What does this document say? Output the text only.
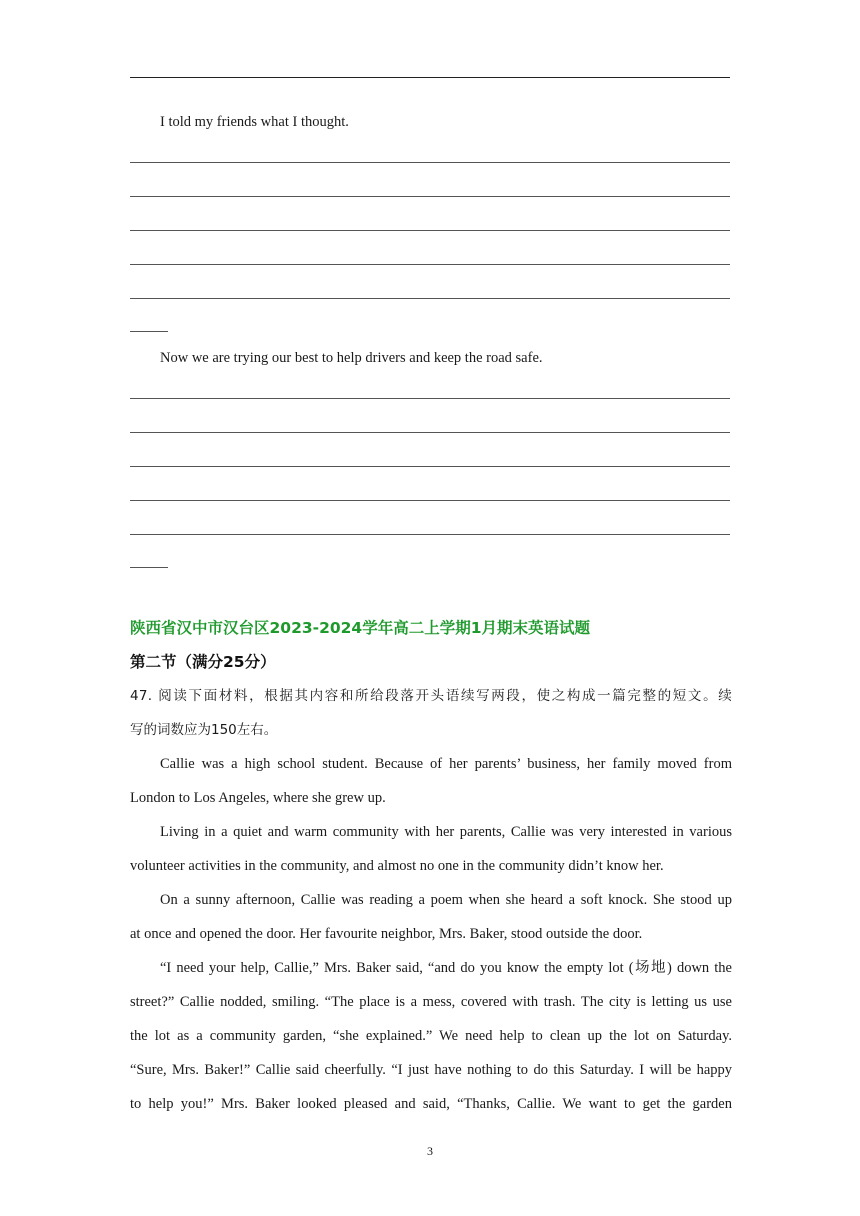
I told my friends what I thought.
Now we are trying our best to help drivers and keep the road safe.
陕西省汉中市汉台区2023-2024学年高二上学期1月期末英语试题
第二节（满分25分）
47. 阅读下面材料，根据其内容和所给段落开头语续写两段，使之构成一篇完整的短文。续
写的词数应为150左右。
Callie was a high school student. Because of her parents’ business, her family moved from
London to Los Angeles, where she grew up.
Living in a quiet and warm community with her parents, Callie was very interested in various
volunteer activities in the community, and almost no one in the community didn’t know her.
On a sunny afternoon, Callie was reading a poem when she heard a soft knock. She stood up
at once and opened the door. Her favourite neighbor, Mrs. Baker, stood outside the door.
“I need your help, Callie,” Mrs. Baker said, “and do you know the empty lot (场地) down the
street?” Callie nodded, smiling. “The place is a mess, covered with trash. The city is letting us use
the lot as a community garden, “she explained.” We need help to clean up the lot on Saturday.
“Sure, Mrs. Baker!” Callie said cheerfully. “I just have nothing to do this Saturday. I will be happy
to help you!” Mrs. Baker looked pleased and said, “Thanks, Callie. We want to get the garden
3
